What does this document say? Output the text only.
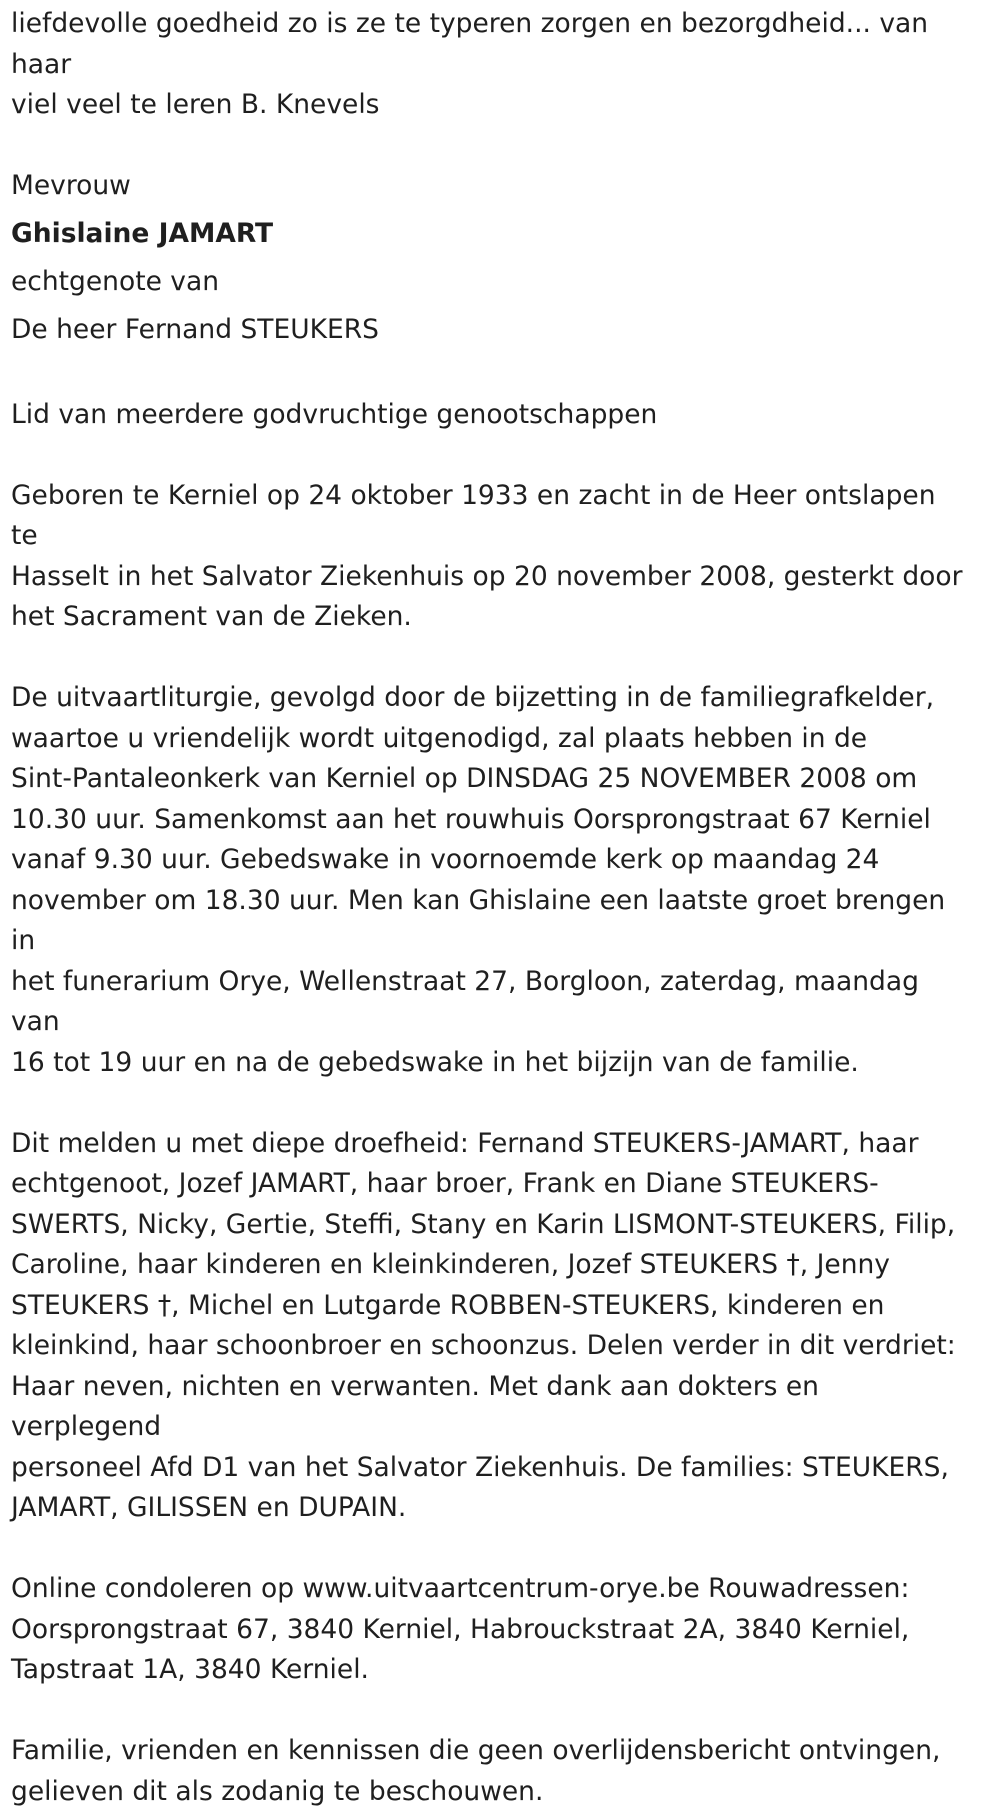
liefdevolle goedheid zo is ze te typeren zorgen en bezorgdheid... van haar
viel veel te leren B. Knevels

Mevrouw

Ghislaine JAMART

echtgenote van

De heer Fernand STEUKERS

Lid van meerdere godvruchtige genootschappen

Geboren te Kerniel op 24 oktober 1933 en zacht in de Heer ontslapen te
Hasselt in het Salvator Ziekenhuis op 20 november 2008, gesterkt door
het Sacrament van de Zieken.

De uitvaartliturgie, gevolgd door de bijzetting in de familiegrafkelder,
waartoe u vriendelijk wordt uitgenodigd, zal plaats hebben in de
Sint-Pantaleonkerk van Kerniel op DINSDAG 25 NOVEMBER 2008 om
10.30 uur. Samenkomst aan het rouwhuis Oorsprongstraat 67 Kerniel
vanaf 9.30 uur. Gebedswake in voornoemde kerk op maandag 24
november om 18.30 uur. Men kan Ghislaine een laatste groet brengen in
het funerarium Orye, Wellenstraat 27, Borgloon, zaterdag, maandag van
16 tot 19 uur en na de gebedswake in het bijzijn van de familie.

Dit melden u met diepe droefheid: Fernand STEUKERS-JAMART, haar
echtgenoot, Jozef JAMART, haar broer, Frank en Diane STEUKERS-
SWERTS, Nicky, Gertie, Steffi, Stany en Karin LISMONT-STEUKERS, Filip,
Caroline, haar kinderen en kleinkinderen, Jozef STEUKERS †, Jenny
STEUKERS †, Michel en Lutgarde ROBBEN-STEUKERS, kinderen en
kleinkind, haar schoonbroer en schoonzus. Delen verder in dit verdriet:
Haar neven, nichten en verwanten. Met dank aan dokters en verplegend
personeel Afd D1 van het Salvator Ziekenhuis. De families: STEUKERS,
JAMART, GILISSEN en DUPAIN.

Online condoleren op www.uitvaartcentrum-orye.be Rouwadressen:
Oorsprongstraat 67, 3840 Kerniel, Habrouckstraat 2A, 3840 Kerniel,
Tapstraat 1A, 3840 Kerniel.

Familie, vrienden en kennissen die geen overlijdensbericht ontvingen,
gelieven dit als zodanig te beschouwen.
